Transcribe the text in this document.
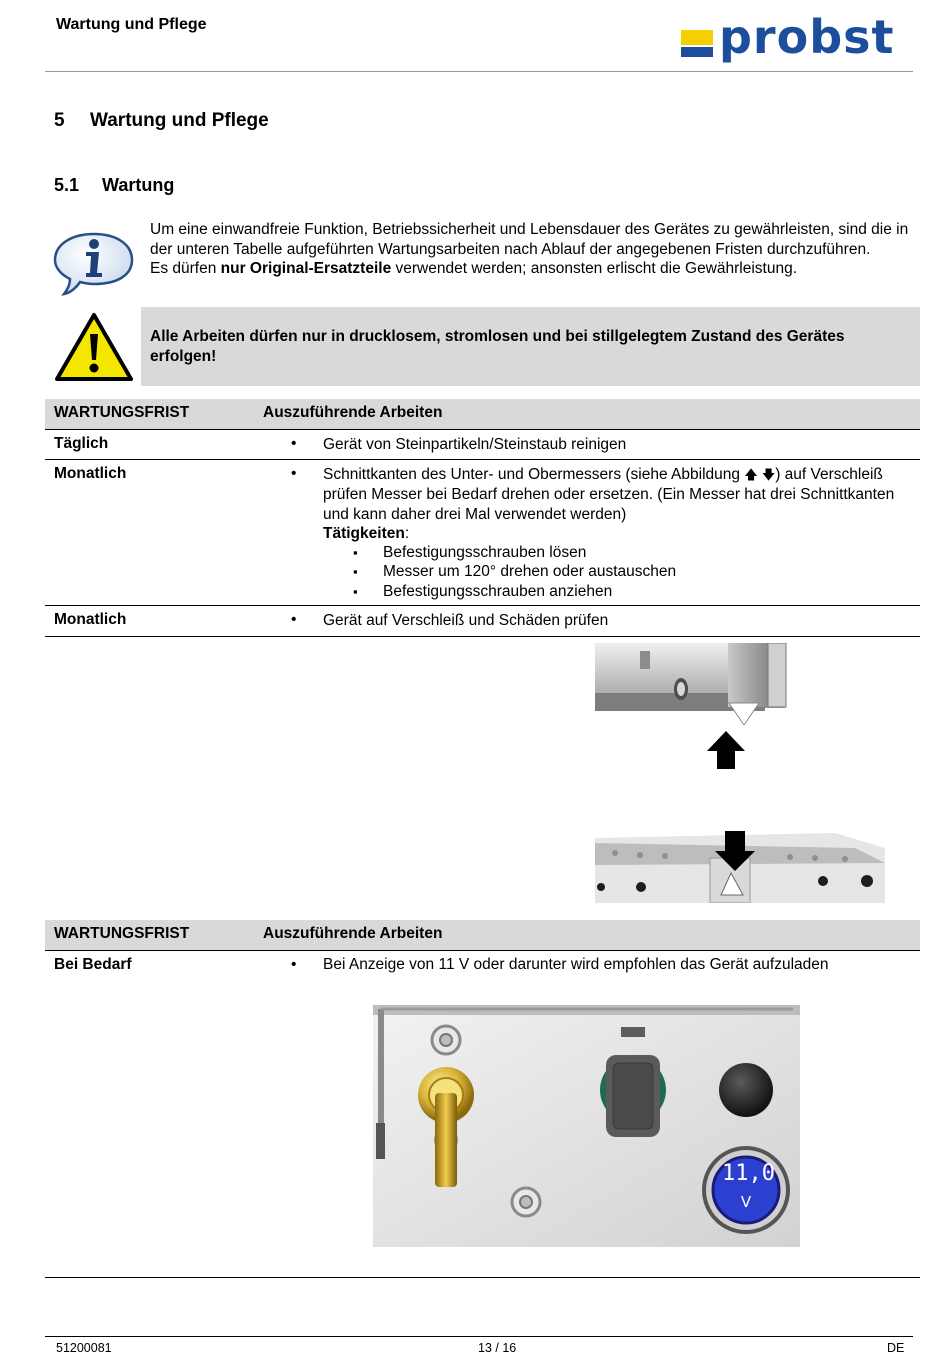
Wartung und Pflege	probst
5 Wartung und Pflege
5.1 Wartung

Um eine einwandfreie Funktion, Betriebssicherheit und Lebensdauer des Gerätes zu gewährleisten, sind die in der unteren Tabelle aufgeführten Wartungsarbeiten nach Ablauf der angegebenen Fristen durchzuführen.

Es dürfen nur Original-Ersatzteile verwendet werden; ansonsten erlischt die Gewährleistung.

Alle Arbeiten dürfen nur in drucklosem, stromlosen und bei stillgelegtem Zustand des Gerätes erfolgen!
WARTUNGSFRIST	Auszuführende Arbeiten
Täglich	• Gerät von Steinpartikeln/Steinstaub reinigen
Monatlich	• Schnittkanten des Unter- und Obermessers (siehe Abbildung 🡅 🡇) auf Verschleiß prüfen Messer bei Bedarf drehen oder ersetzen. (Ein Messer hat drei Schnittkanten und kann daher drei Mal verwendet werden)
Tätigkeiten:
▪ Befestigungsschrauben lösen
▪ Messer um 120° drehen oder austauschen
▪ Befestigungsschrauben anziehen
Monatlich	• Gerät auf Verschleiß und Schäden prüfen
WARTUNGSFRIST	Auszuführende Arbeiten
Bei Bedarf	• Bei Anzeige von 11 V oder darunter wird empfohlen das Gerät aufzuladen
11,0
V
51200081	13 / 16	DE
